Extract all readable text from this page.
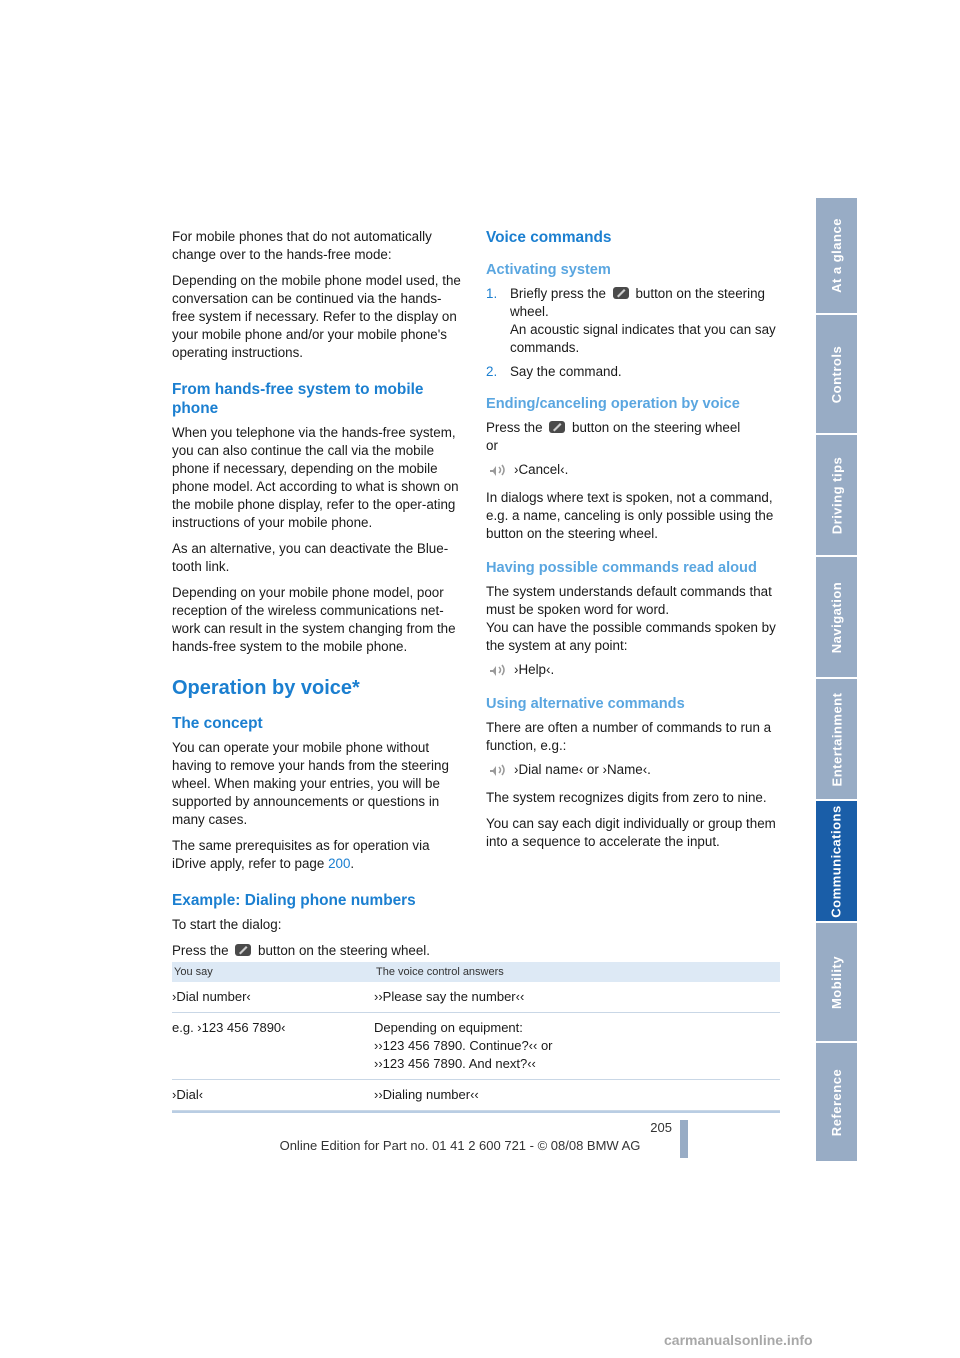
For mobile phones that do not automatically change over to the hands-free mode:

Depending on the mobile phone model used, the conversation can be continued via the hands-free system if necessary. Refer to the display on your mobile phone and/or your mobile phone's operating instructions.

From hands-free system to mobile phone

When you telephone via the hands-free system, you can also continue the call via the mobile phone if necessary, depending on the mobile phone model. Act according to what is shown on the mobile phone display, refer to the oper-ating instructions of your mobile phone.

As an alternative, you can deactivate the Blue-tooth link.

Depending on your mobile phone model, poor reception of the wireless communications net-work can result in the system changing from the hands-free system to the mobile phone.

Operation by voice*
The concept

You can operate your mobile phone without having to remove your hands from the steering wheel. When making your entries, you will be supported by announcements or questions in many cases.

The same prerequisites as for operation via iDrive apply, refer to page 200.

Example: Dialing phone numbers

To start the dialog:

Press the  button on the steering wheel.

Voice commands
Activating system
1. Briefly press the  button on the steering wheel.
An acoustic signal indicates that you can say commands.
2. Say the command.
Ending/canceling operation by voice

Press the  button on the steering wheel
or

›Cancel‹.

In dialogs where text is spoken, not a command, e.g. a name, canceling is only possible using the button on the steering wheel.

Having possible commands read aloud

The system understands default commands that must be spoken word for word.
You can have the possible commands spoken by the system at any point:

›Help‹.
Using alternative commands

There are often a number of commands to run a function, e.g.:

›Dial name‹ or ›Name‹.

The system recognizes digits from zero to nine.

You can say each digit individually or group them into a sequence to accelerate the input.

You say	The voice control answers
›Dial number‹	››Please say the number‹‹
e.g. ›123 456 7890‹	Depending on equipment:
››123 456 7890. Continue?‹‹ or
››123 456 7890. And next?‹‹
›Dial‹	››Dialing number‹‹
At a glance
Controls
Driving tips
Navigation
Entertainment
Communications
Mobility
Reference
205
Online Edition for Part no. 01 41 2 600 721 - © 08/08 BMW AG
carmanualsonline.info
